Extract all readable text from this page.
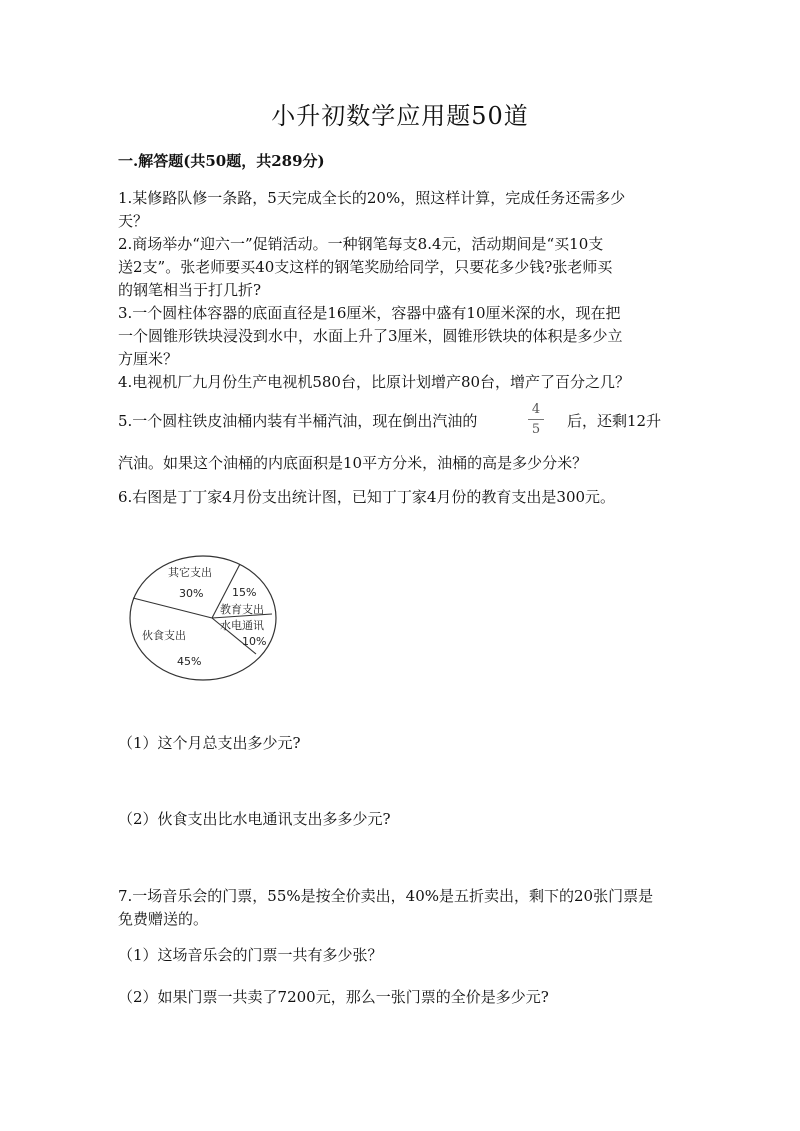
小升初数学应用题50道
一.解答题(共50题，共289分)
1.某修路队修一条路，5天完成全长的20%，照这样计算，完成任务还需多少
天？
2.商场举办“迎六一”促销活动。一种钢笔每支8.4元，活动期间是“买10支
送2支”。张老师要买40支这样的钢笔奖励给同学，只要花多少钱?张老师买
的钢笔相当于打几折?
3.一个圆柱体容器的底面直径是16厘米，容器中盛有10厘米深的水，现在把
一个圆锥形铁块浸没到水中，水面上升了3厘米，圆锥形铁块的体积是多少立
方厘米？
4.电视机厂九月份生产电视机580台，比原计划增产80台，增产了百分之几？
5.一个圆柱铁皮油桶内装有半桶汽油，现在倒出汽油的
4
5 后，还剩12升
汽油。如果这个油桶的内底面积是10平方分米，油桶的高是多少分米？
6.右图是丁丁家4月份支出统计图，已知丁丁家4月份的教育支出是300元。
其它支出
30%	15%
教育支出
水电通讯
10%
伙食支出
45%
（1）这个月总支出多少元?
（2）伙食支出比水电通讯支出多多少元?
7.一场音乐会的门票，55%是按全价卖出，40%是五折卖出，剩下的20张门票是
免费赠送的。
（1）这场音乐会的门票一共有多少张？
（2）如果门票一共卖了7200元，那么一张门票的全价是多少元?
